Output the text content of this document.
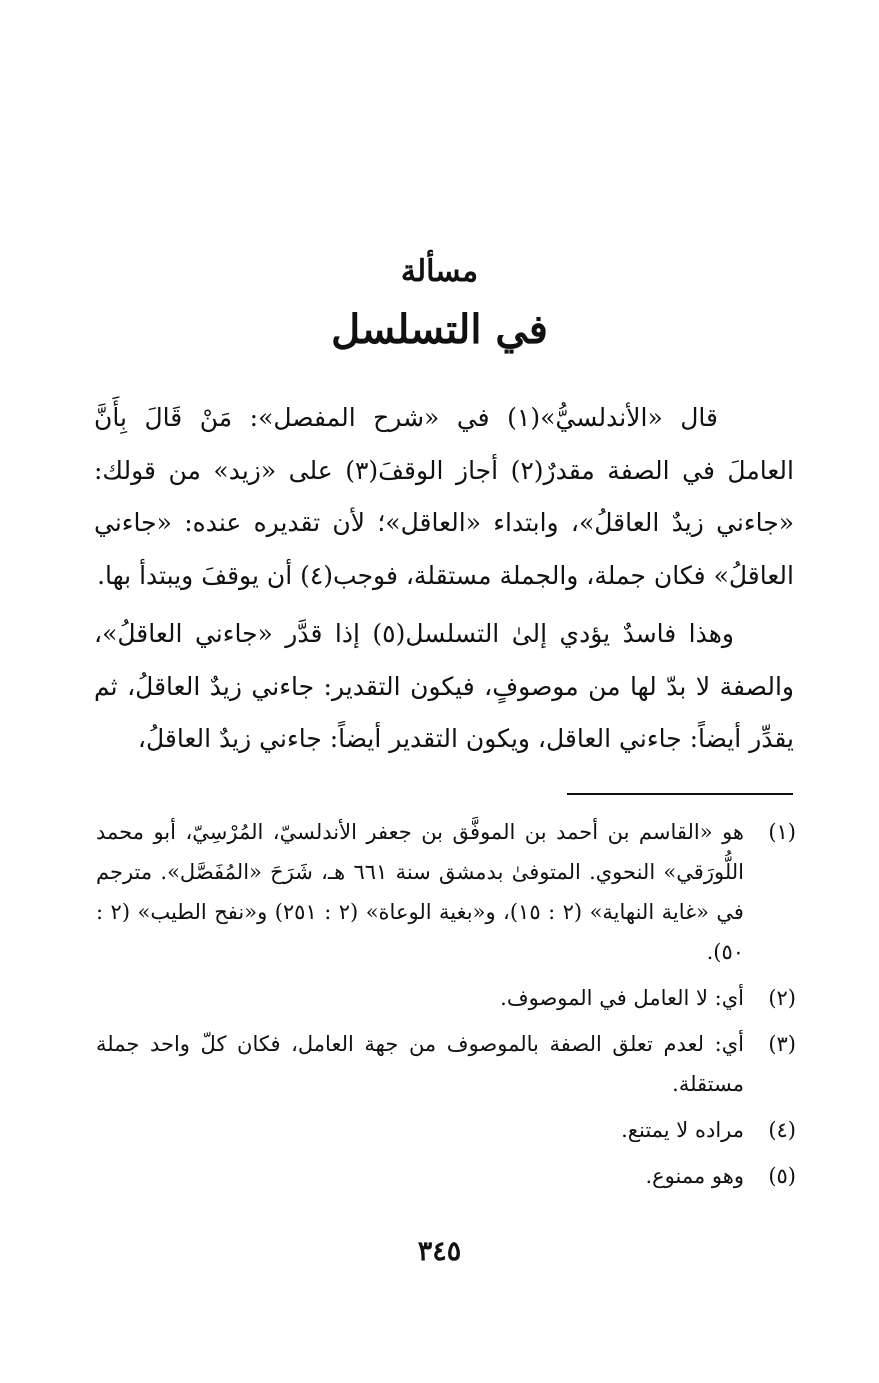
مسألة
في التسلسل

قال «الأندلسيُّ»(١) في «شرح المفصل»: مَنْ قَالَ بِأَنَّ العاملَ في الصفة مقدرٌ(٢) أجاز الوقفَ(٣) على «زيد» من قولك: «جاءني زيدٌ العاقلُ»، وابتداء «العاقل»؛ لأن تقديره عنده: «جاءني العاقلُ» فكان جملة، والجملة مستقلة، فوجب(٤) أن يوقفَ ويبتدأ بها.

وهذا فاسدٌ يؤدي إلىٰ التسلسل(٥) إذا قدَّر «جاءني العاقلُ»، والصفة لا بدّ لها من موصوفٍ، فيكون التقدير: جاءني زيدٌ العاقلُ، ثم يقدِّر أيضاً: جاءني العاقل، ويكون التقدير أيضاً: جاءني زيدٌ العاقلُ،

(١)
هو «القاسم بن أحمد بن الموفَّق بن جعفر الأندلسيّ، المُرْسِيّ، أبو محمد اللُّورَقي» النحوي. المتوفىٰ بدمشق سنة ٦٦١ هـ، شَرَحَ «المُفَصَّل». مترجم في «غاية النهاية» (٢ : ١٥)، و«بغية الوعاة» (٢ : ٢٥١) و«نفح الطيب» (٢ : ٥٠).
(٢)
أي: لا العامل في الموصوف.
(٣)
أي: لعدم تعلق الصفة بالموصوف من جهة العامل، فكان كلّ واحد جملة مستقلة.
(٤)
مراده لا يمتنع.
(٥)
وهو ممنوع.
٣٤٥
